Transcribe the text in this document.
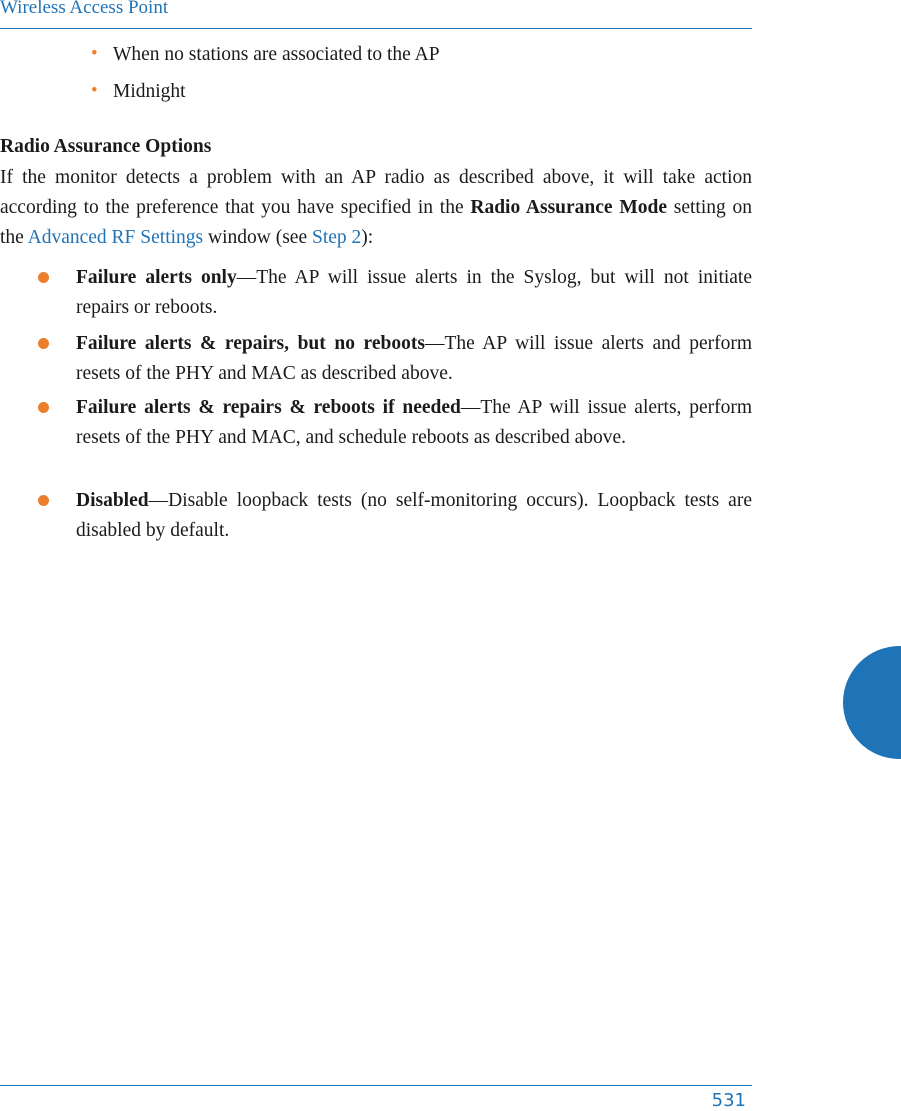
Wireless Access Point
• When no stations are associated to the AP
• Midnight
Radio Assurance Options
If the monitor detects a problem with an AP radio as described above, it will take action according to the preference that you have specified in the Radio Assurance Mode setting on the Advanced RF Settings window (see Step 2):
Failure alerts only—The AP will issue alerts in the Syslog, but will not initiate repairs or reboots.
Failure alerts & repairs, but no reboots—The AP will issue alerts and perform resets of the PHY and MAC as described above.
Failure alerts & repairs & reboots if needed—The AP will issue alerts, perform resets of the PHY and MAC, and schedule reboots as described above.
Disabled—Disable loopback tests (no self-monitoring occurs). Loopback tests are disabled by default.
531
